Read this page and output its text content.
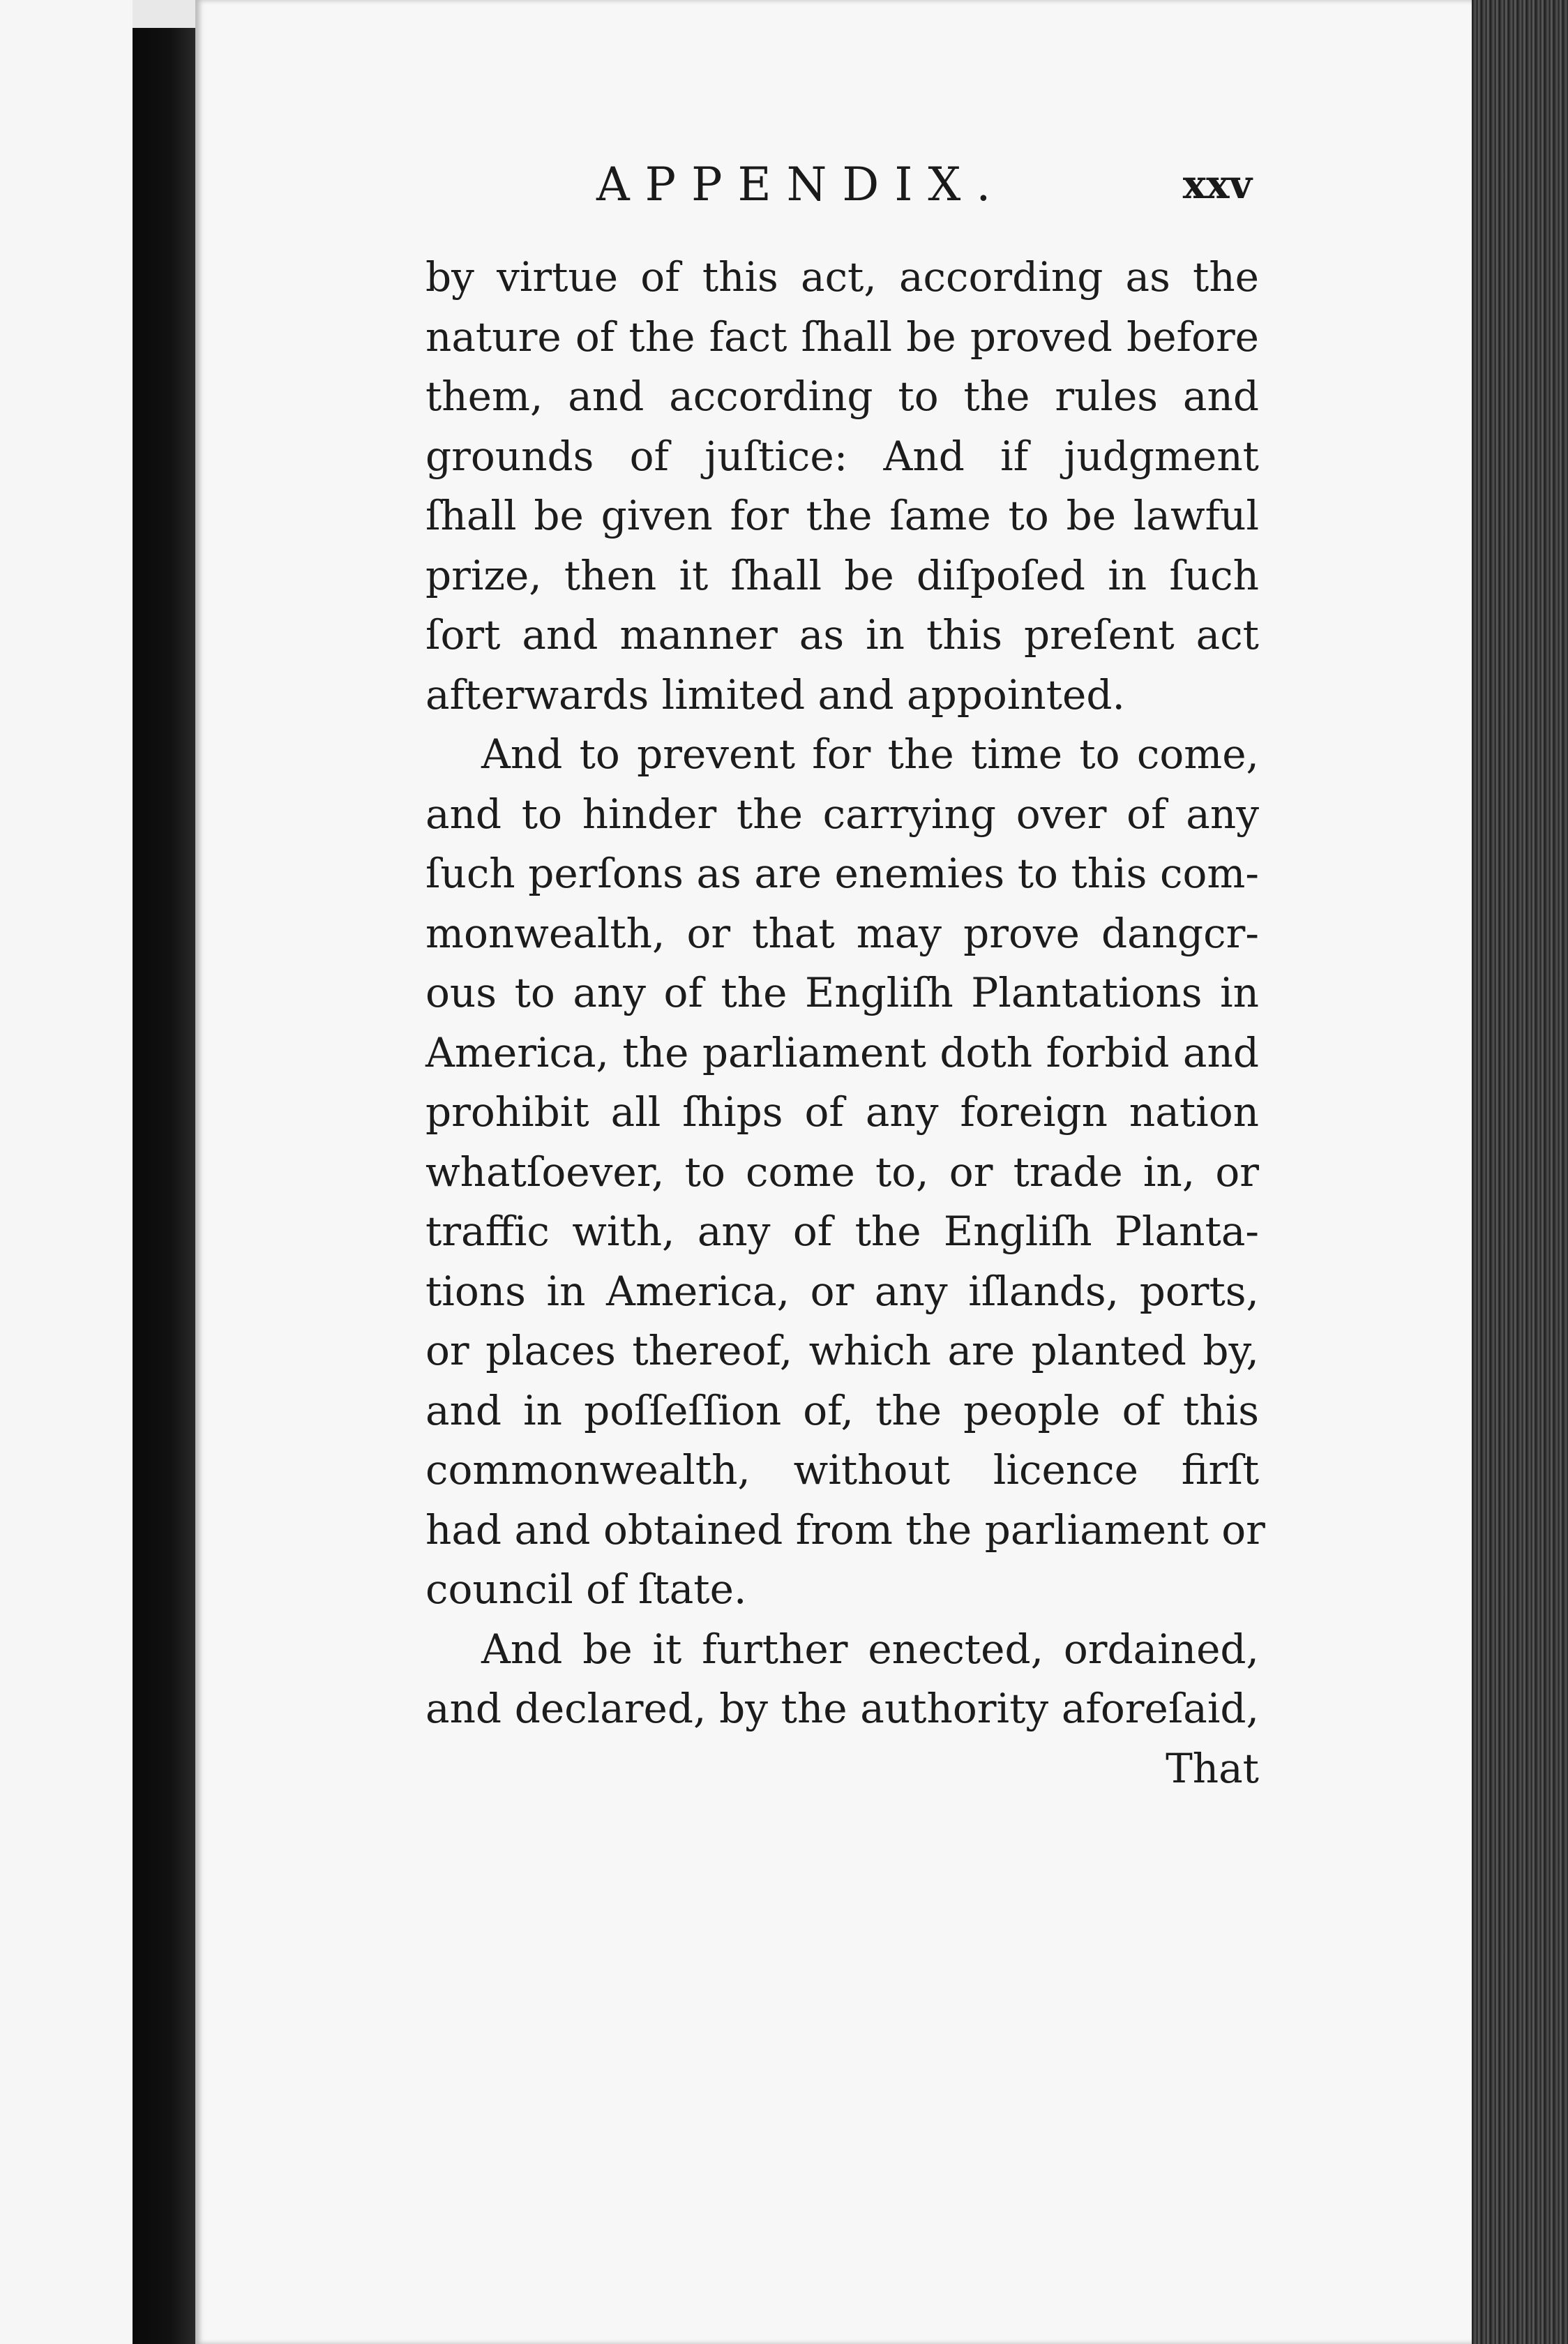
APPENDIX.	xxv
by virtue of this act, according as the
nature of the fact ſhall be proved before
them, and according to the rules and
grounds of juſtice: And if judgment
ſhall be given for the ſame to be lawful
prize, then it ſhall be diſpoſed in ſuch
ſort and manner as in this preſent act
afterwards limited and appointed.
And to prevent for the time to come,
and to hinder the carrying over of any
ſuch perſons as are enemies to this com-
monwealth, or that may prove dangcr-
ous to any of the Engliſh Plantations in
America, the parliament doth forbid and
prohibit all ſhips of any foreign nation
whatſoever, to come to, or trade in, or
traffic with, any of the Engliſh Planta-
tions in America, or any iſlands, ports,
or places thereof, which are planted by,
and in poſſeſſion of, the people of this
commonwealth, without licence firſt
had and obtained from the parliament or
council of ſtate.
And be it further enected, ordained,
and declared, by the authority aforeſaid,
That
